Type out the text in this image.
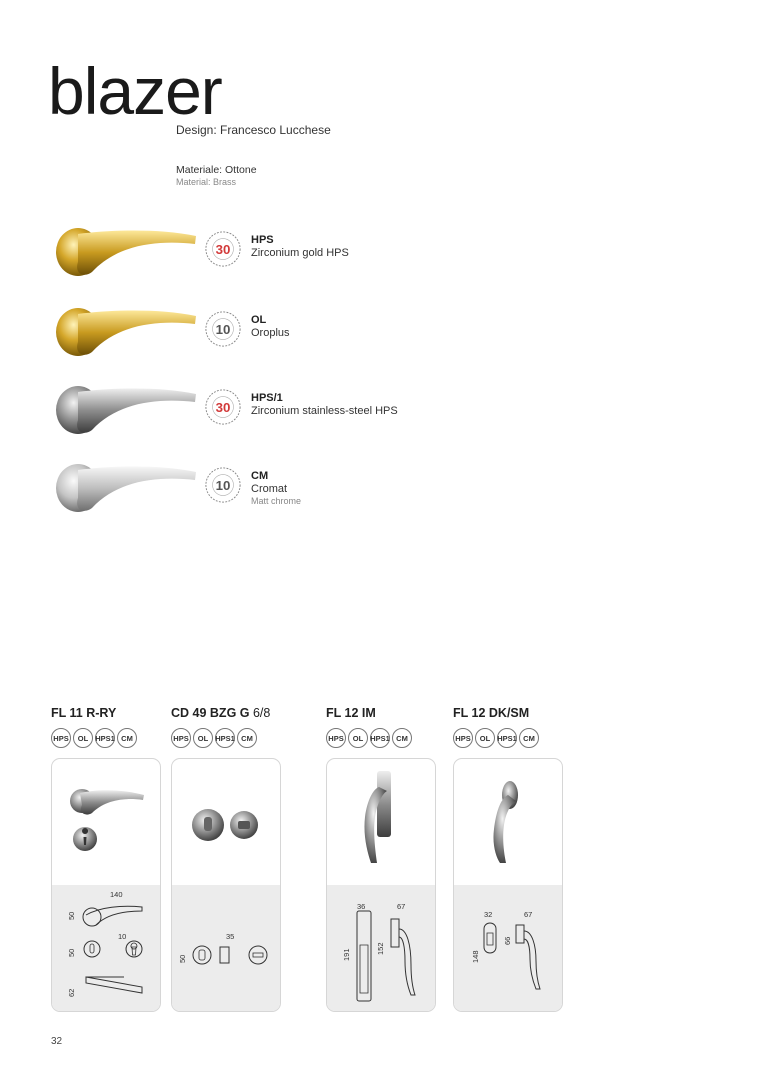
blazer
Design: Francesco Lucchese
Materiale: Ottone
Material: Brass
30
HPS
Zirconium gold HPS
10
OL
Oroplus
30
HPS/1
Zirconium stainless-steel HPS
10
CM
Cromat
Matt chrome
FL 11 R-RY
HPS	OL HPS1 CM
140
50
50
10
62
CD 49 BZG G 6/8
HPS	OL HPS1 CM
35
50
FL 12 IM
HPS	OL HPS1 CM
36	67
191	152
FL 12 DK/SM
HPS	OL HPS1 CM
32	67
148
66
32
